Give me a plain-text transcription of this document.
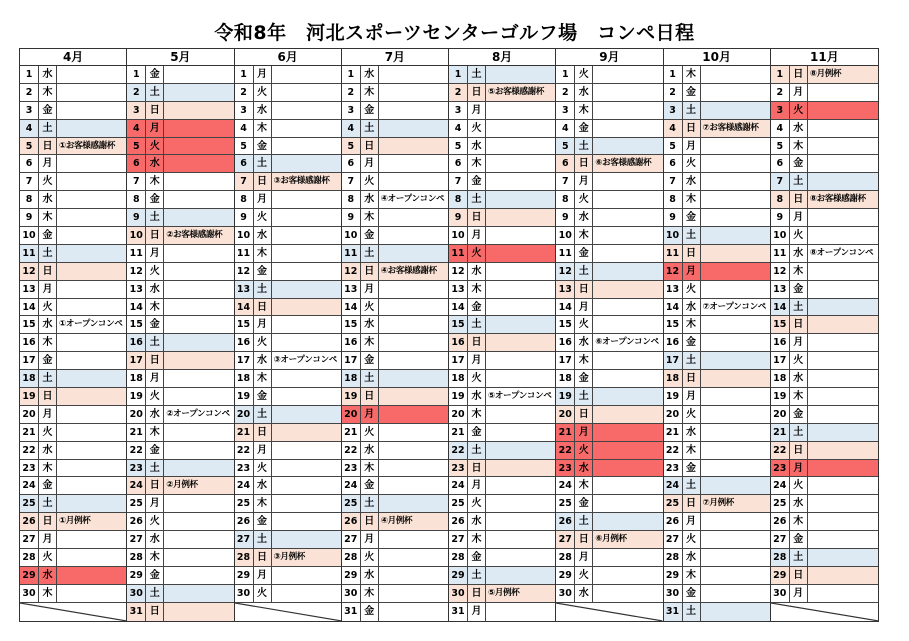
令和8年　河北スポーツセンターゴルフ場　コンペ日程
4月
1	水
2	木
3	金
4	土
5	日 ①お客様感謝杯
6	月
7	火
8	水
9	木
10 金
11 土
12 日
13 月
14 火
15 水 ①オープンコンペ
16 木
17 金
18 土
19 日
20 月
21 火
22 水
23 木
24 金
25 土
26 日 ①月例杯
27 月
28 火
29 水
30 木
5月
1	金
2	土
3	日
4	月
5	火
6	水
7	木
8	金
9	土
10 日 ②お客様感謝杯
11 月
12 火
13 水
14 木
15 金
16 土
17 日
18 月
19 火
20 水 ②オープンコンペ
21 木
22 金
23 土
24 日 ②月例杯
25 月
26 火
27 水
28 木
29 金
30 土
31 日
6月
1	月
2	火
3	水
4	木
5	金
6	土
7	日 ③お客様感謝杯
8	月
9	火
10 水
11 木
12 金
13 土
14 日
15 月
16 火
17 水 ③オープンコンペ
18 木
19 金
20 土
21 日
22 月
23 火
24 水
25 木
26 金
27 土
28 日 ③月例杯
29 月
30 火
7月
1	水
2	木
3	金
4	土
5	日
6	月
7	火
8	水 ④オープンコンペ
9	木
10 金
11 土
12 日 ④お客様感謝杯
13 月
14 火
15 水
16 木
17 金
18 土
19 日
20 月
21 火
22 水
23 木
24 金
25 土
26 日 ④月例杯
27 月
28 火
29 水
30 木
31 金
8月
1	土
2	日 ⑤お客様感謝杯
3	月
4	火
5	水
6	木
7	金
8	土
9	日
10 月
11 火
12 水
13 木
14 金
15 土
16 日
17 月
18 火
19 水 ⑤オープンコンペ
20 木
21 金
22 土
23 日
24 月
25 火
26 水
27 木
28 金
29 土
30 日 ⑤月例杯
31 月
9月
1	火
2	水
3	木
4	金
5	土
6	日 ⑥お客様感謝杯
7	月
8	火
9	水
10 木
11 金
12 土
13 日
14 月
15 火
16 水 ⑥オープンコンペ
17 木
18 金
19 土
20 日
21 月
22 火
23 水
24 木
25 金
26 土
27 日 ⑥月例杯
28 月
29 火
30 水
10月
1	木
2	金
3	土
4	日 ⑦お客様感謝杯
5	月
6	火
7	水
8	木
9	金
10 土
11 日
12 月
13 火
14 水 ⑦オープンコンペ
15 木
16 金
17 土
18 日
19 月
20 火
21 水
22 木
23 金
24 土
25 日 ⑦月例杯
26 月
27 火
28 水
29 木
30 金
31 土
11月
1	日 ⑧月例杯
2	月
3	火
4	水
5	木
6	金
7	土
8	日 ⑧お客様感謝杯
9	月
10 火
11 水 ⑧オープンコンペ
12 木
13 金
14 土
15 日
16 月
17 火
18 水
19 木
20 金
21 土
22 日
23 月
24 火
25 水
26 木
27 金
28 土
29 日
30 月
